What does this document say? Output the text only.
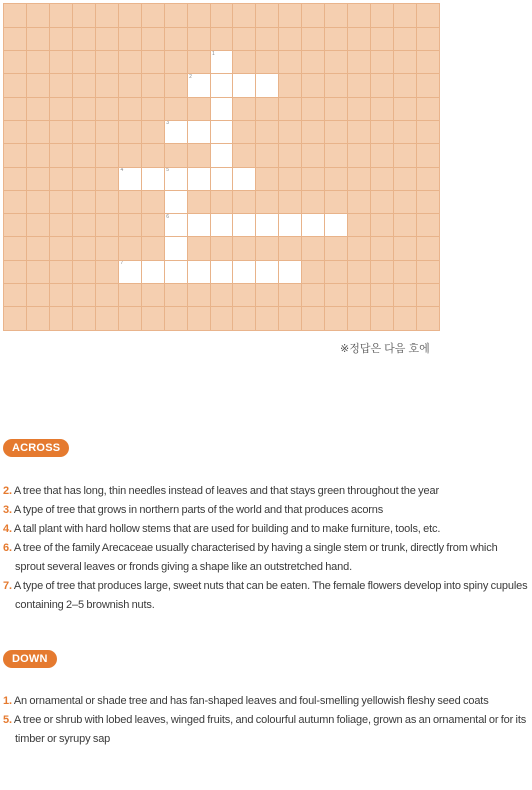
1
2
3
4	5
6
7
※정답은 다음 호에
ACROSS
2. A tree that has long, thin needles instead of leaves and that stays green throughout the year
3. A type of tree that grows in northern parts of the world and that produces acorns
4. A tall plant with hard hollow stems that are used for building and to make furniture, tools, etc.
6. A tree of the family Arecaceae usually characterised by having a single stem or trunk, directly from which sprout several leaves or fronds giving a shape like an outstretched hand.
7. A type of tree that produces large, sweet nuts that can be eaten. The female flowers develop into spiny cupules containing 2–5 brownish nuts.
DOWN
1. An ornamental or shade tree and has fan-shaped leaves and foul-smelling yellowish fleshy seed coats
5. A tree or shrub with lobed leaves, winged fruits, and colourful autumn foliage, grown as an ornamental or for its timber or syrupy sap
